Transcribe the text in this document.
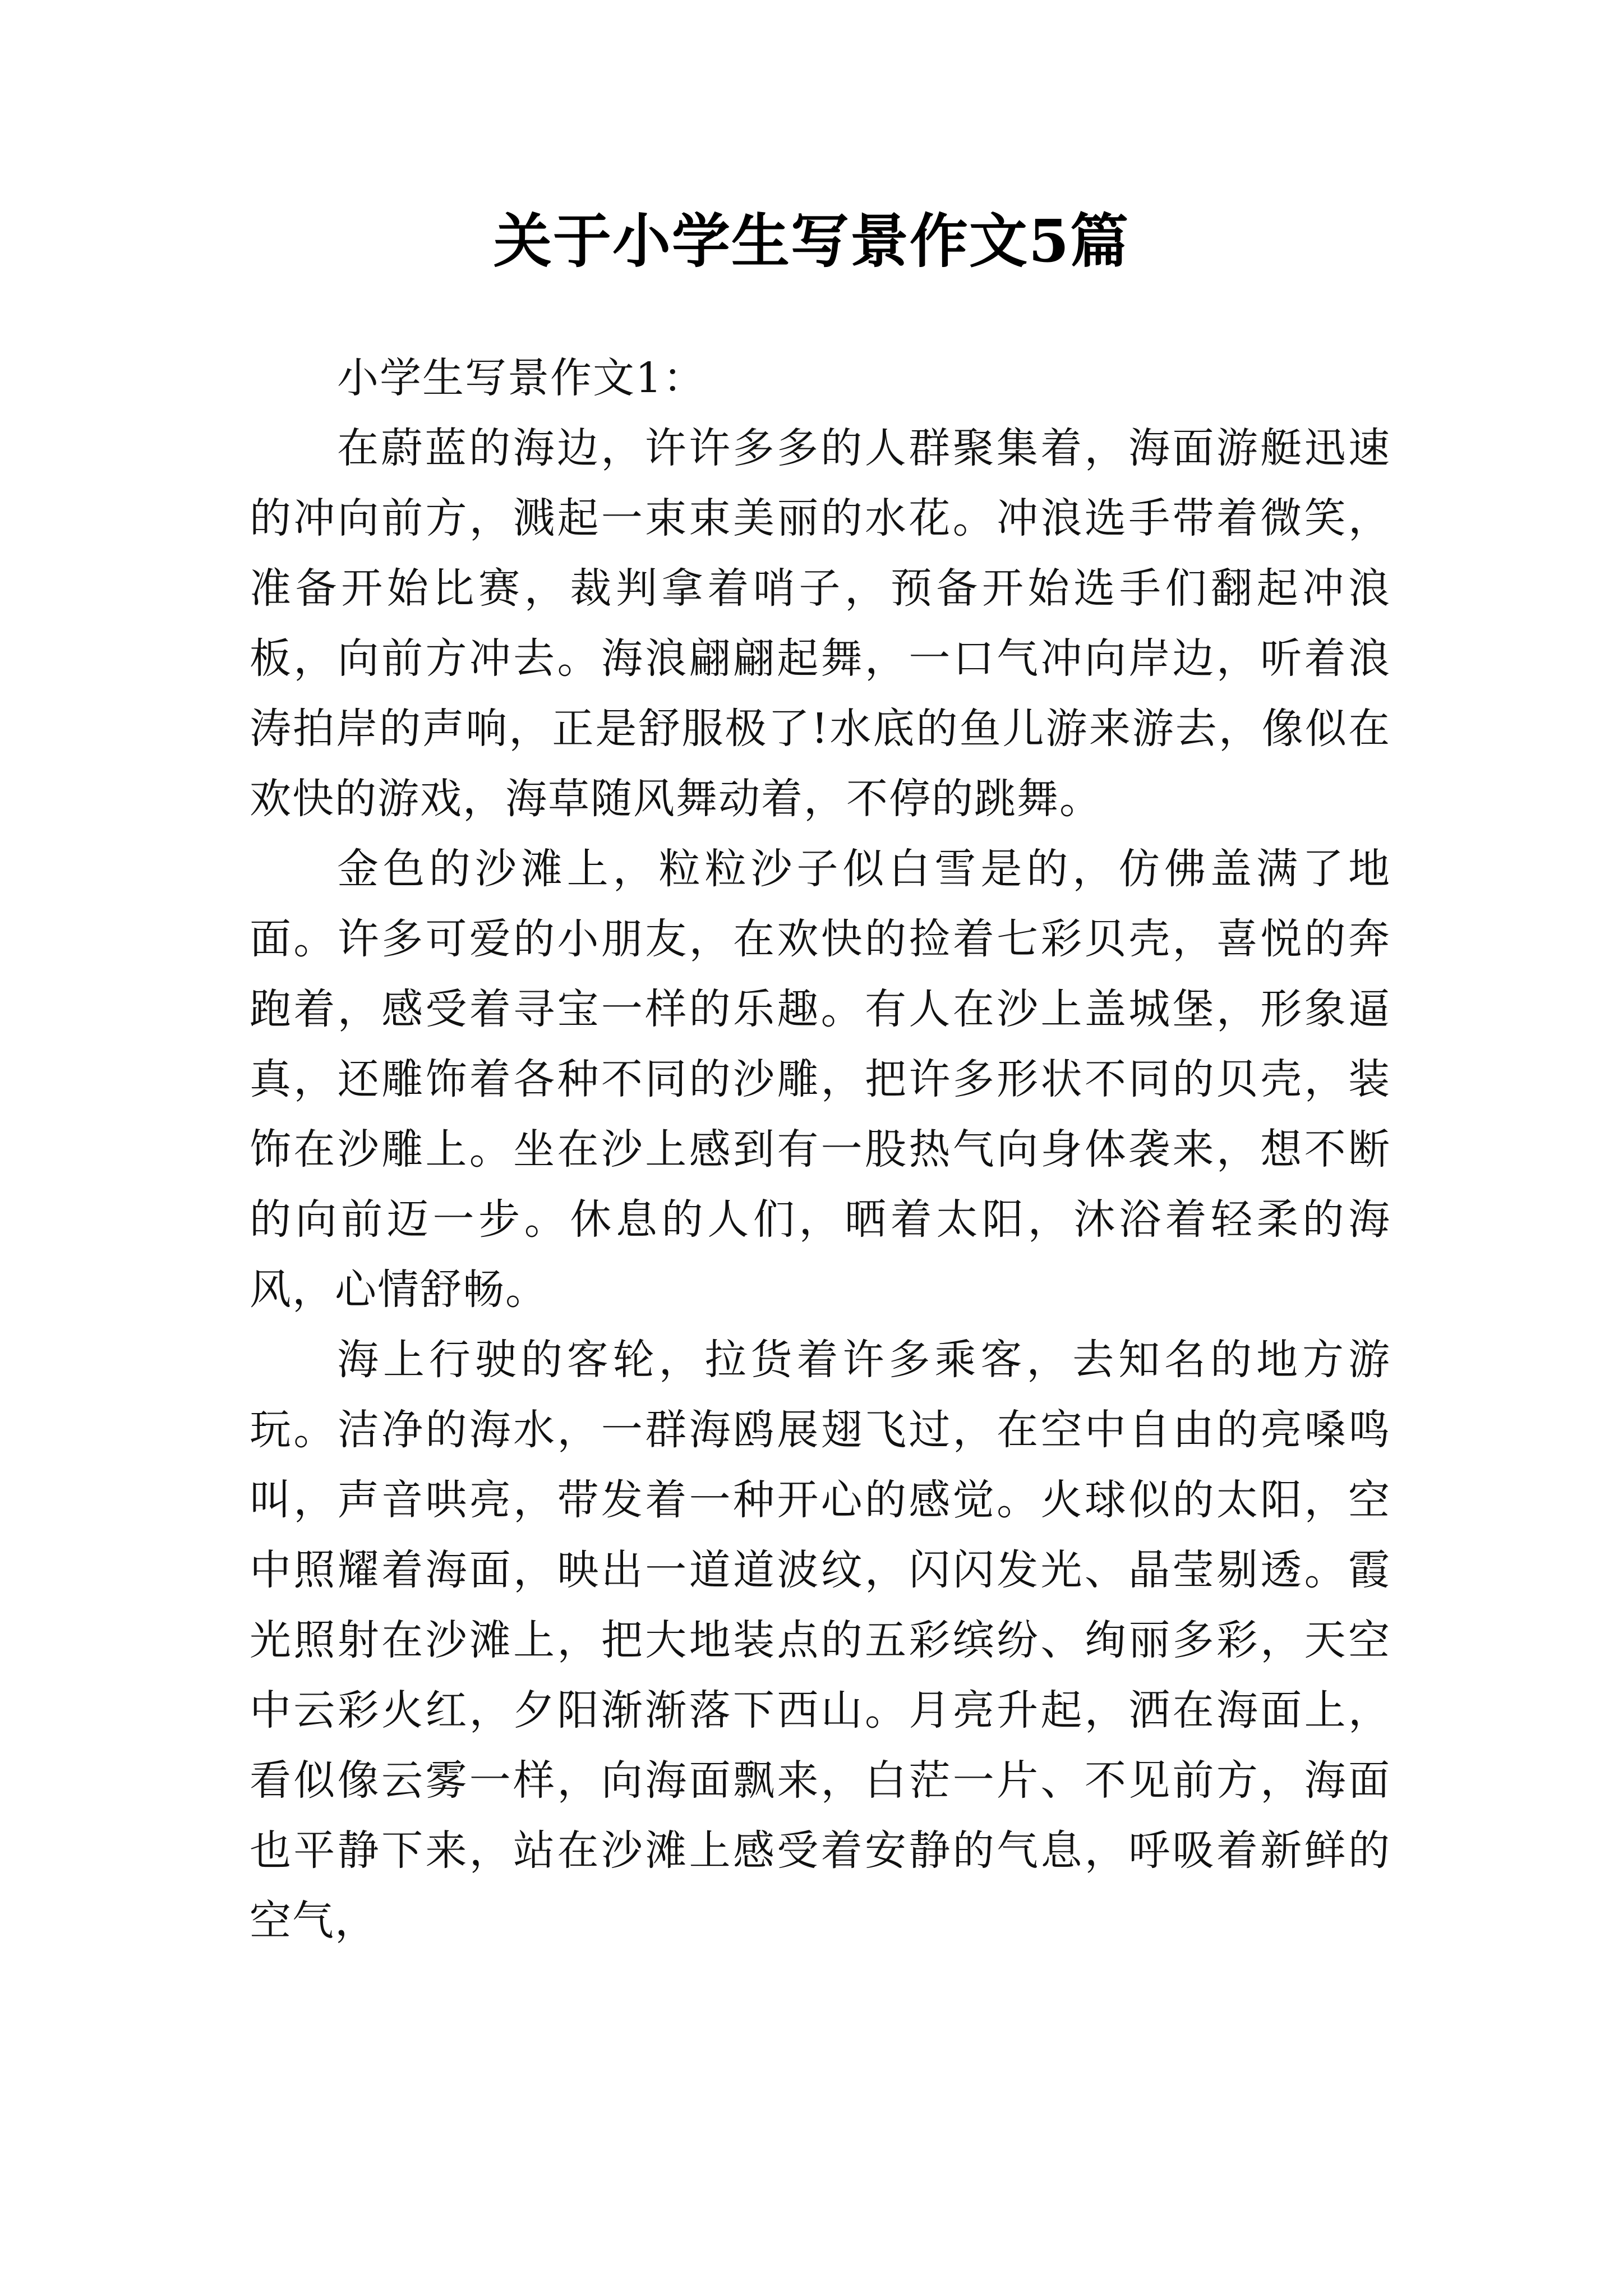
关于小学生写景作文5篇

小学生写景作文1：

在蔚蓝的海边，许许多多的人群聚集着，海面游艇迅速的冲向前方，溅起一束束美丽的水花。冲浪选手带着微笑，准备开始比赛，裁判拿着哨子，预备开始选手们翻起冲浪板，向前方冲去。海浪翩翩起舞，一口气冲向岸边，听着浪涛拍岸的声响，正是舒服极了!水底的鱼儿游来游去，像似在欢快的游戏，海草随风舞动着，不停的跳舞。

金色的沙滩上，粒粒沙子似白雪是的，仿佛盖满了地面。许多可爱的小朋友，在欢快的捡着七彩贝壳，喜悦的奔跑着，感受着寻宝一样的乐趣。有人在沙上盖城堡，形象逼真，还雕饰着各种不同的沙雕，把许多形状不同的贝壳，装饰在沙雕上。坐在沙上感到有一股热气向身体袭来，想不断的向前迈一步。休息的人们，晒着太阳，沐浴着轻柔的海风，心情舒畅。

海上行驶的客轮，拉货着许多乘客，去知名的地方游玩。洁净的海水，一群海鸥展翅飞过，在空中自由的亮嗓鸣叫，声音哄亮，带发着一种开心的感觉。火球似的太阳，空中照耀着海面，映出一道道波纹，闪闪发光、晶莹剔透。霞光照射在沙滩上，把大地装点的五彩缤纷、绚丽多彩，天空中云彩火红，夕阳渐渐落下西山。月亮升起，洒在海面上，看似像云雾一样，向海面飘来，白茫一片、不见前方，海面也平静下来，站在沙滩上感受着安静的气息，呼吸着新鲜的空气，
